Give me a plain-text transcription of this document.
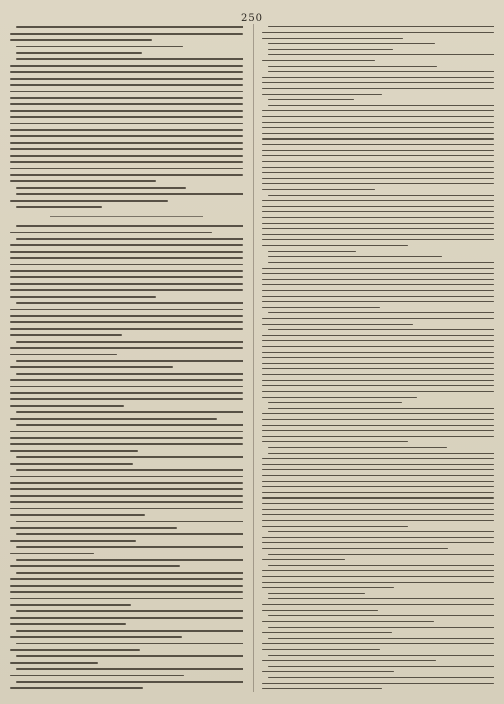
250
